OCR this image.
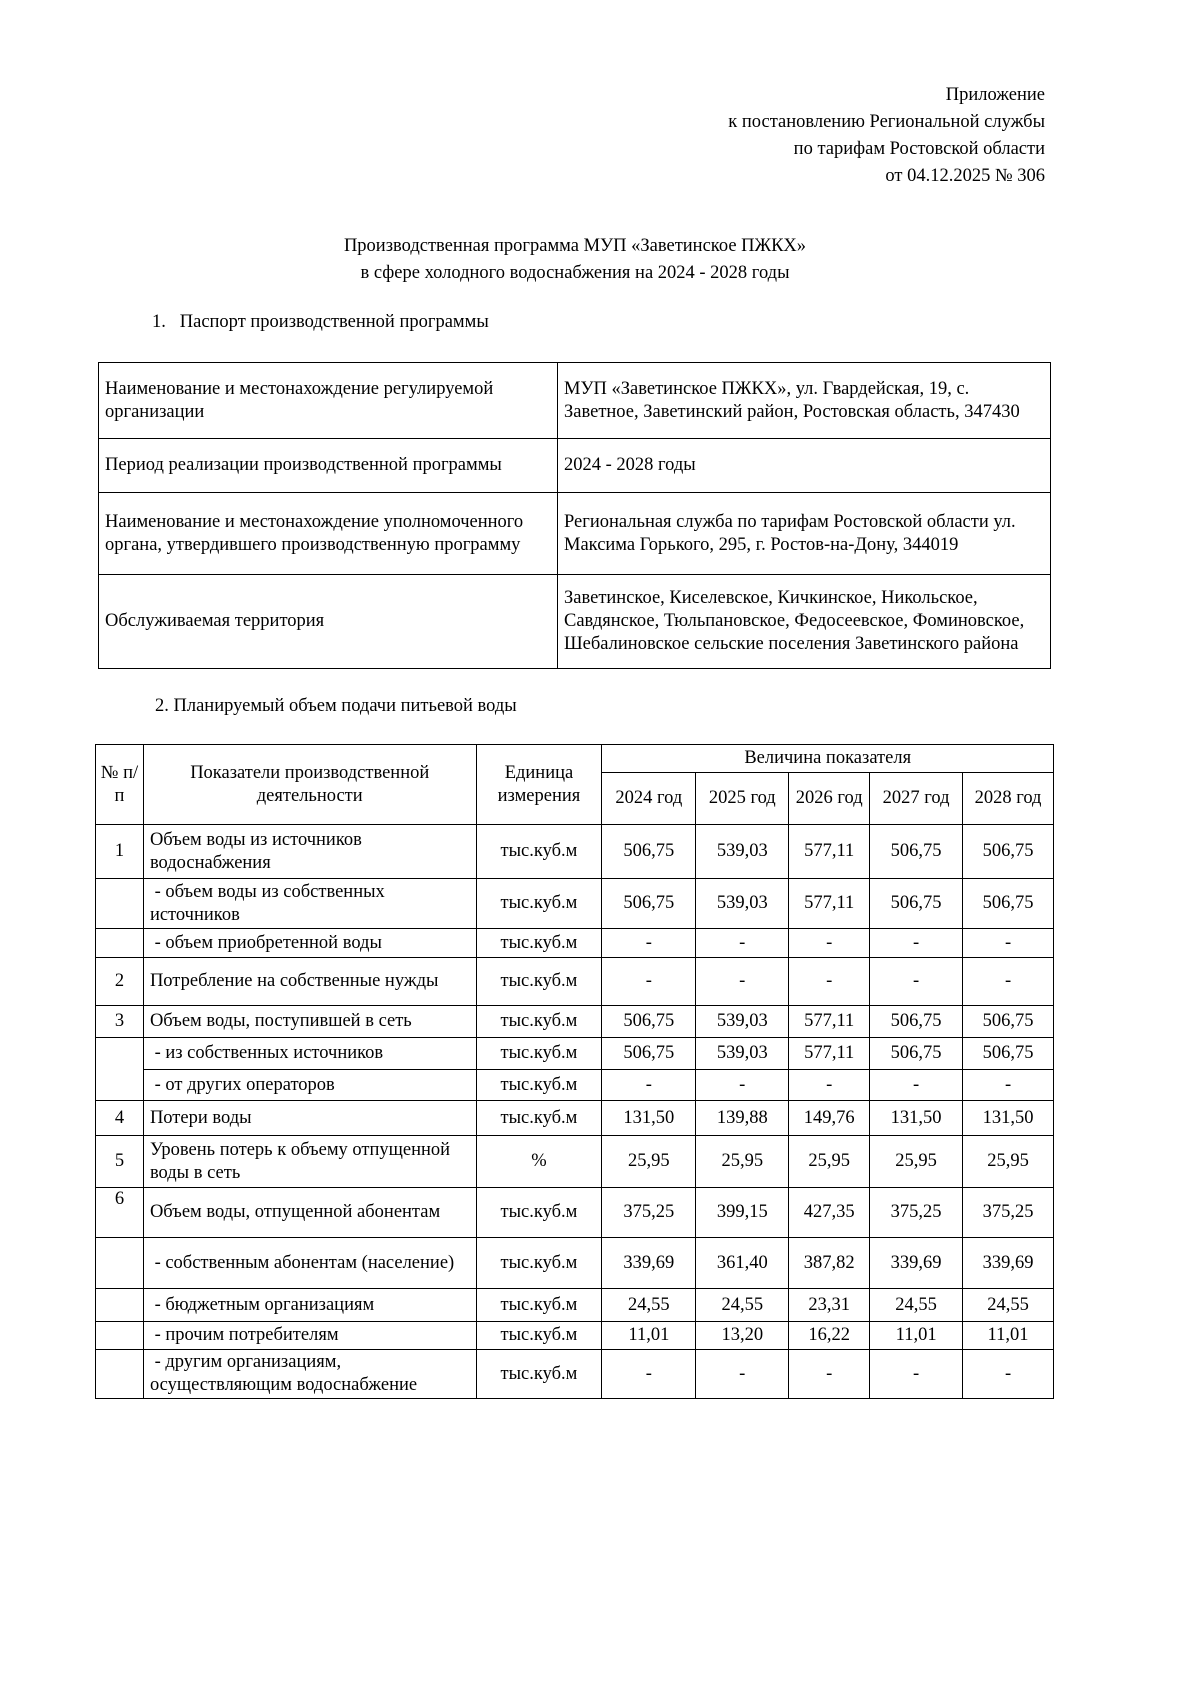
Приложение
к постановлению Региональной службы
по тарифам Ростовской области
от 04.12.2025 № 306
Производственная программа МУП «Заветинское ПЖКХ»
в сфере холодного водоснабжения на 2024 - 2028 годы
1.   Паспорт производственной программы
Наименование и местонахождение регулируемой организации	МУП «Заветинское ПЖКХ», ул. Гвардейская, 19, с. Заветное, Заветинский район, Ростовская область, 347430
Период реализации производственной программы	2024 - 2028 годы
Наименование и местонахождение уполномоченного органа, утвердившего производственную программу	Региональная служба по тарифам Ростовской области ул. Максима Горького, 295, г. Ростов-на-Дону, 344019
Обслуживаемая территория	Заветинское, Киселевское, Кичкинское, Никольское, Савдянское, Тюльпановское, Федосеевское, Фоминовское, Шебалиновское сельские поселения Заветинского района
2. Планируемый объем подачи питьевой воды
№ п/п	Показатели производственной деятельности	Единица измерения	Величина показателя				
			2024 год	2025 год	2026 год	2027 год	2028 год
1	Объем воды из источников водоснабжения	тыс.куб.м	506,75	539,03	577,11	506,75	506,75
	- объем воды из собственных источников	тыс.куб.м	506,75	539,03	577,11	506,75	506,75
	- объем приобретенной воды	тыс.куб.м	-	-	-	-	-
2	Потребление на собственные нужды	тыс.куб.м	-	-	-	-	-
3	Объем воды, поступившей в сеть	тыс.куб.м	506,75	539,03	577,11	506,75	506,75
	- из собственных источников	тыс.куб.м	506,75	539,03	577,11	506,75	506,75
	- от других операторов	тыс.куб.м	-	-	-	-	-
4	Потери воды	тыс.куб.м	131,50	139,88	149,76	131,50	131,50
5	Уровень потерь к объему отпущенной воды в сеть	%	25,95	25,95	25,95	25,95	25,95
6	Объем воды, отпущенной абонентам	тыс.куб.м	375,25	399,15	427,35	375,25	375,25
	- собственным абонентам (население)	тыс.куб.м	339,69	361,40	387,82	339,69	339,69
	- бюджетным организациям	тыс.куб.м	24,55	24,55	23,31	24,55	24,55
	- прочим потребителям	тыс.куб.м	11,01	13,20	16,22	11,01	11,01
	- другим организациям, осуществляющим водоснабжение	тыс.куб.м	-	-	-	-	-
